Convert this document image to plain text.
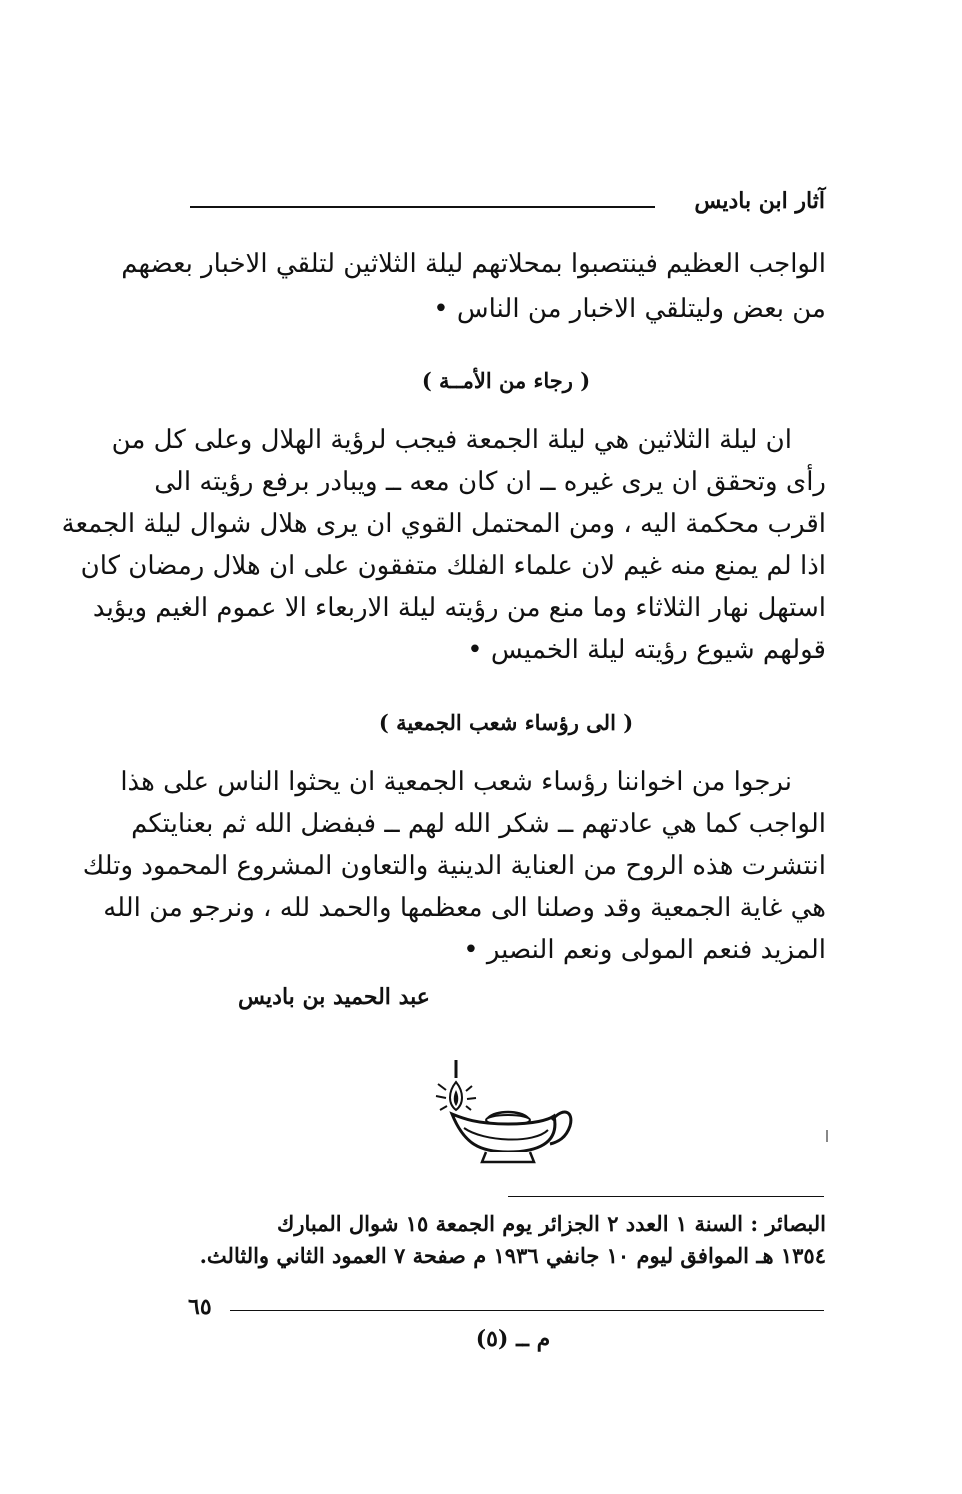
آثار ابن باديس
الواجب العظيم فينتصبوا بمحلاتهم ليلة الثلاثين لتلقي الاخبار بعضهم
من بعض وليتلقي الاخبار من الناس •
( رجاء من الأمــة )
ان ليلة الثلاثين هي ليلة الجمعة فيجب لرؤية الهلال وعلى كل من
رأى وتحقق ان يرى غيره ــ ان كان معه ــ ويبادر برفع رؤيته الى
اقرب محكمة اليه ، ومن المحتمل القوي ان يرى هلال شوال ليلة الجمعة
اذا لم يمنع منه غيم لان علماء الفلك متفقون على ان هلال رمضان كان
استهل نهار الثلاثاء وما منع من رؤيته ليلة الاربعاء الا عموم الغيم ويؤيد
قولهم شيوع رؤيته ليلة الخميس •
( الى رؤساء شعب الجمعية )
نرجوا من اخواننا رؤساء شعب الجمعية ان يحثوا الناس على هذا
الواجب كما هي عادتهم ــ شكر الله لهم ــ فبفضل الله ثم بعنايتكم
انتشرت هذه الروح من العناية الدينية والتعاون المشروع المحمود وتلك
هي غاية الجمعية وقد وصلنا الى معظمها والحمد لله ، ونرجو من الله
المزيد فنعم المولى ونعم النصير •
عبد الحميد بن باديس
البصائر : السنة ١ العدد ٢ الجزائر يوم الجمعة ١٥ شوال المبارك
١٣٥٤ هـ الموافق ليوم ١٠ جانفي ١٩٣٦ م صفحة ٧ العمود الثاني والثالث.
٦٥
م ــ (٥)
